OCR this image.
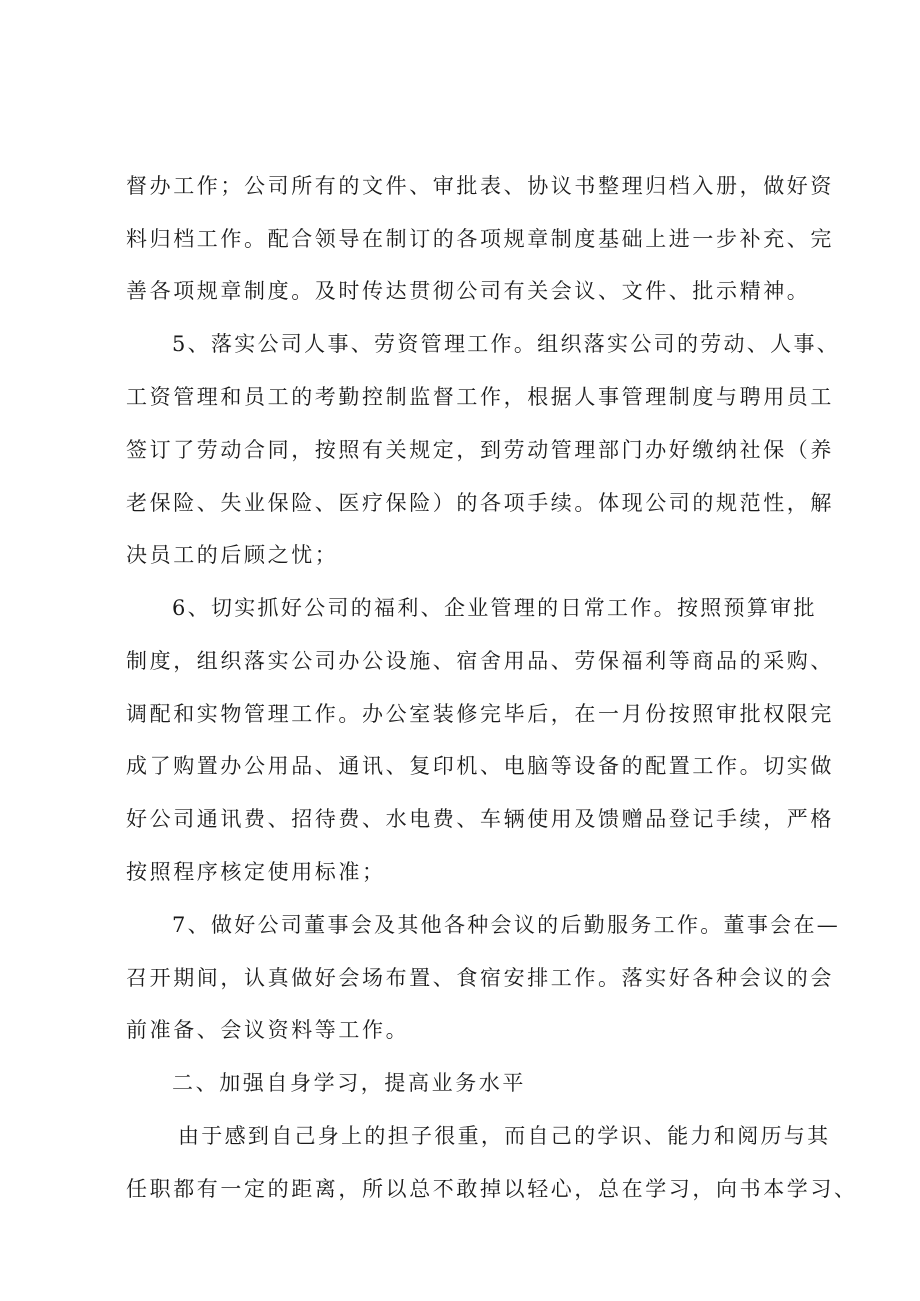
督办工作；公司所有的文件、审批表、协议书整理归档入册，做好资
料归档工作。配合领导在制订的各项规章制度基础上进一步补充、完
善各项规章制度。及时传达贯彻公司有关会议、文件、批示精神。
5、落实公司人事、劳资管理工作。组织落实公司的劳动、人事、
工资管理和员工的考勤控制监督工作，根据人事管理制度与聘用员工
签订了劳动合同，按照有关规定，到劳动管理部门办好缴纳社保（养
老保险、失业保险、医疗保险）的各项手续。体现公司的规范性，解
决员工的后顾之忧；
6、切实抓好公司的福利、企业管理的日常工作。按照预算审批
制度，组织落实公司办公设施、宿舍用品、劳保福利等商品的采购、
调配和实物管理工作。办公室装修完毕后，在一月份按照审批权限完
成了购置办公用品、通讯、复印机、电脑等设备的配置工作。切实做
好公司通讯费、招待费、水电费、车辆使用及馈赠品登记手续，严格
按照程序核定使用标准；
7、做好公司董事会及其他各种会议的后勤服务工作。董事会在—
召开期间，认真做好会场布置、食宿安排工作。落实好各种会议的会
前准备、会议资料等工作。
二、加强自身学习，提高业务水平
由于感到自己身上的担子很重，而自己的学识、能力和阅历与其
任职都有一定的距离，所以总不敢掉以轻心，总在学习，向书本学习、
